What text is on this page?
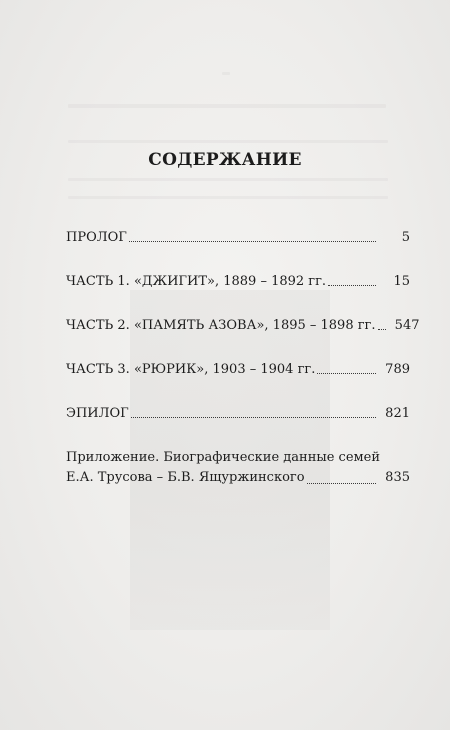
СОДЕРЖАНИЕ
ПРОЛОГ	5
ЧАСТЬ 1. «ДЖИГИТ», 1889 – 1892 гг.	15
ЧАСТЬ 2. «ПАМЯТЬ АЗОВА», 1895 – 1898 гг.	547
ЧАСТЬ 3. «РЮРИК», 1903 – 1904 гг.	789
ЭПИЛОГ	821
Приложение. Биографические данные семей
Е.А. Трусова – Б.В. Ящуржинского	835
